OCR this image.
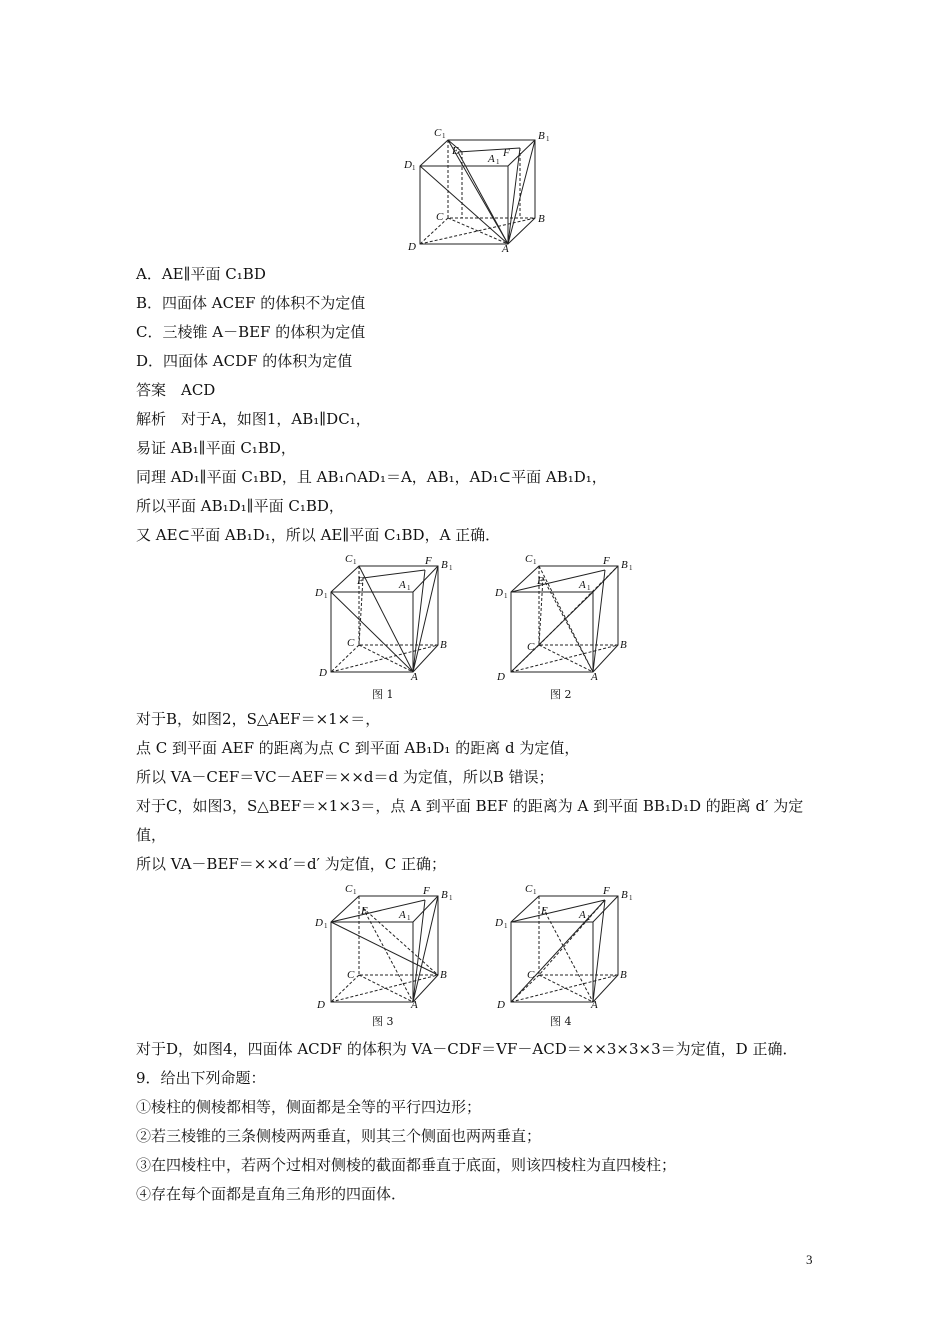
C 1	B 1
D 1
A 1
E	F
C	B
D	A
A．AE∥平面 C₁BD
B．四面体 ACEF 的体积不为定值
C．三棱锥 A－BEF 的体积为定值
D．四面体 ACDF 的体积为定值
答案　ACD
解析　对于A，如图1，AB₁∥DC₁，
易证 AB₁∥平面 C₁BD，
同理 AD₁∥平面 C₁BD，且 AB₁∩AD₁＝A，AB₁，AD₁⊂平面 AB₁D₁，
所以平面 AB₁D₁∥平面 C₁BD，
又 AE⊂平面 AB₁D₁，所以 AE∥平面 C₁BD，A 正确．
C 1	F B 1
D 1
A 1
E
C	B
D	A
图 1
C 1	F B 1
D 1
A 1
E
C	B
D	A
图 2
对于B，如图2，S△AEF＝×1×＝，
点 C 到平面 AEF 的距离为点 C 到平面 AB₁D₁ 的距离 d 为定值，
所以 VA－CEF＝VC－AEF＝××d＝d 为定值，所以B 错误；
对于C，如图3，S△BEF＝×1×3＝，点 A 到平面 BEF 的距离为 A 到平面 BB₁D₁D 的距离 d′ 为定
值，
所以 VA－BEF＝××d′＝d′ 为定值，C 正确；
C 1	F B 1
D 1
A 1
E
C	B
D	A
图 3
C 1	F B 1
D 1
A 1
E
C	B
D	A
图 4
对于D，如图4，四面体 ACDF 的体积为 VA－CDF＝VF－ACD＝××3×3×3＝为定值，D 正确．
9．给出下列命题：
①棱柱的侧棱都相等，侧面都是全等的平行四边形；
②若三棱锥的三条侧棱两两垂直，则其三个侧面也两两垂直；
③在四棱柱中，若两个过相对侧棱的截面都垂直于底面，则该四棱柱为直四棱柱；
④存在每个面都是直角三角形的四面体．
3
